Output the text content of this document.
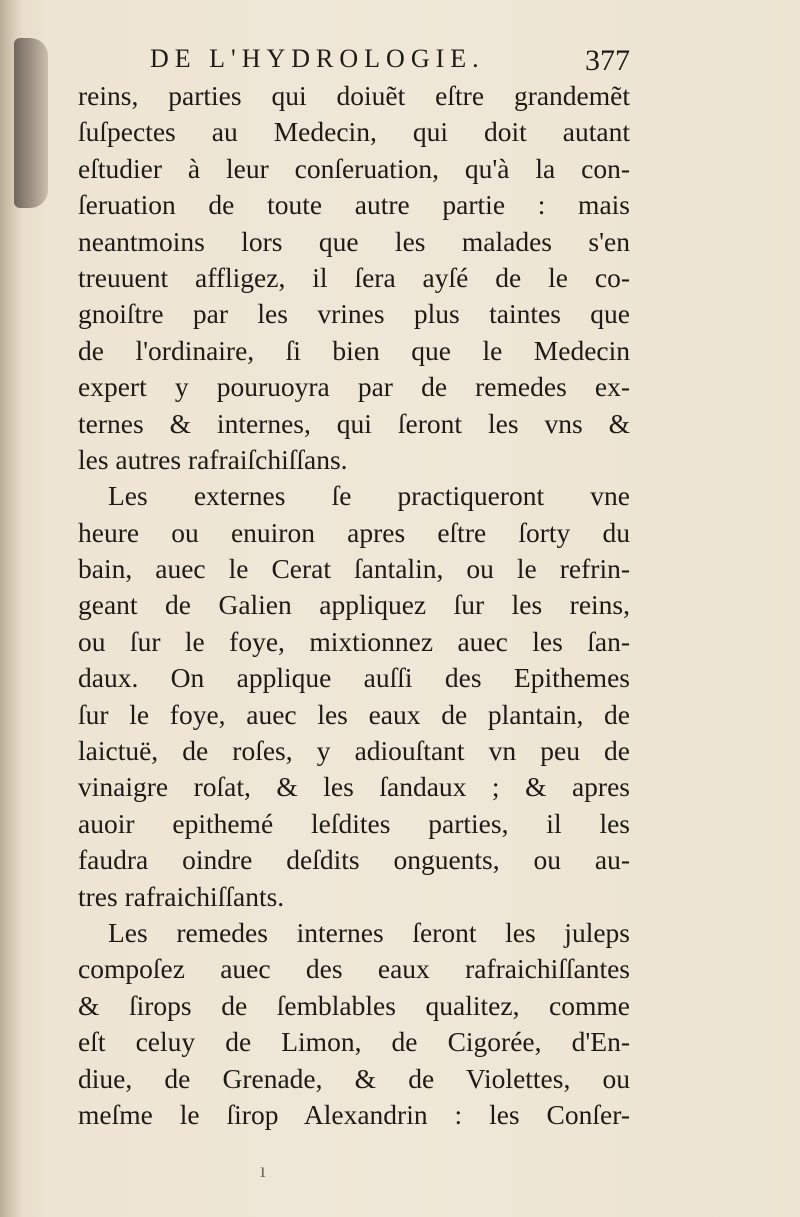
DE L'HYDROLOGIE.	377
reins, parties qui doiuẽt eſtre grandemẽt
ſuſpectes au Medecin, qui doit autant
eſtudier à leur conſeruation, qu'à la con-
ſeruation de toute autre partie : mais
neantmoins lors que les malades s'en
treuuent affligez, il ſera ayſé de le co-
gnoiſtre par les vrines plus taintes que
de l'ordinaire, ſi bien que le Medecin
expert y pouruoyra par de remedes ex-
ternes & internes, qui ſeront les vns &
les autres rafraiſchiſſans.
Les externes ſe practiqueront vne
heure ou enuiron apres eſtre ſorty du
bain, auec le Cerat ſantalin, ou le refrin-
geant de Galien appliquez ſur les reins,
ou ſur le foye, mixtionnez auec les ſan-
daux. On applique auſſi des Epithemes
ſur le foye, auec les eaux de plantain, de
laictuë, de roſes, y adiouſtant vn peu de
vinaigre roſat, & les ſandaux ; & apres
auoir epithemé leſdites parties, il les
faudra oindre deſdits onguents, ou au-
tres rafraichiſſants.
Les remedes internes ſeront les juleps
compoſez auec des eaux rafraichiſſantes
& ſirops de ſemblables qualitez, comme
eſt celuy de Limon, de Cigorée, d'En-
diue, de Grenade, & de Violettes, ou
meſme le ſirop Alexandrin : les Conſer-
ı
